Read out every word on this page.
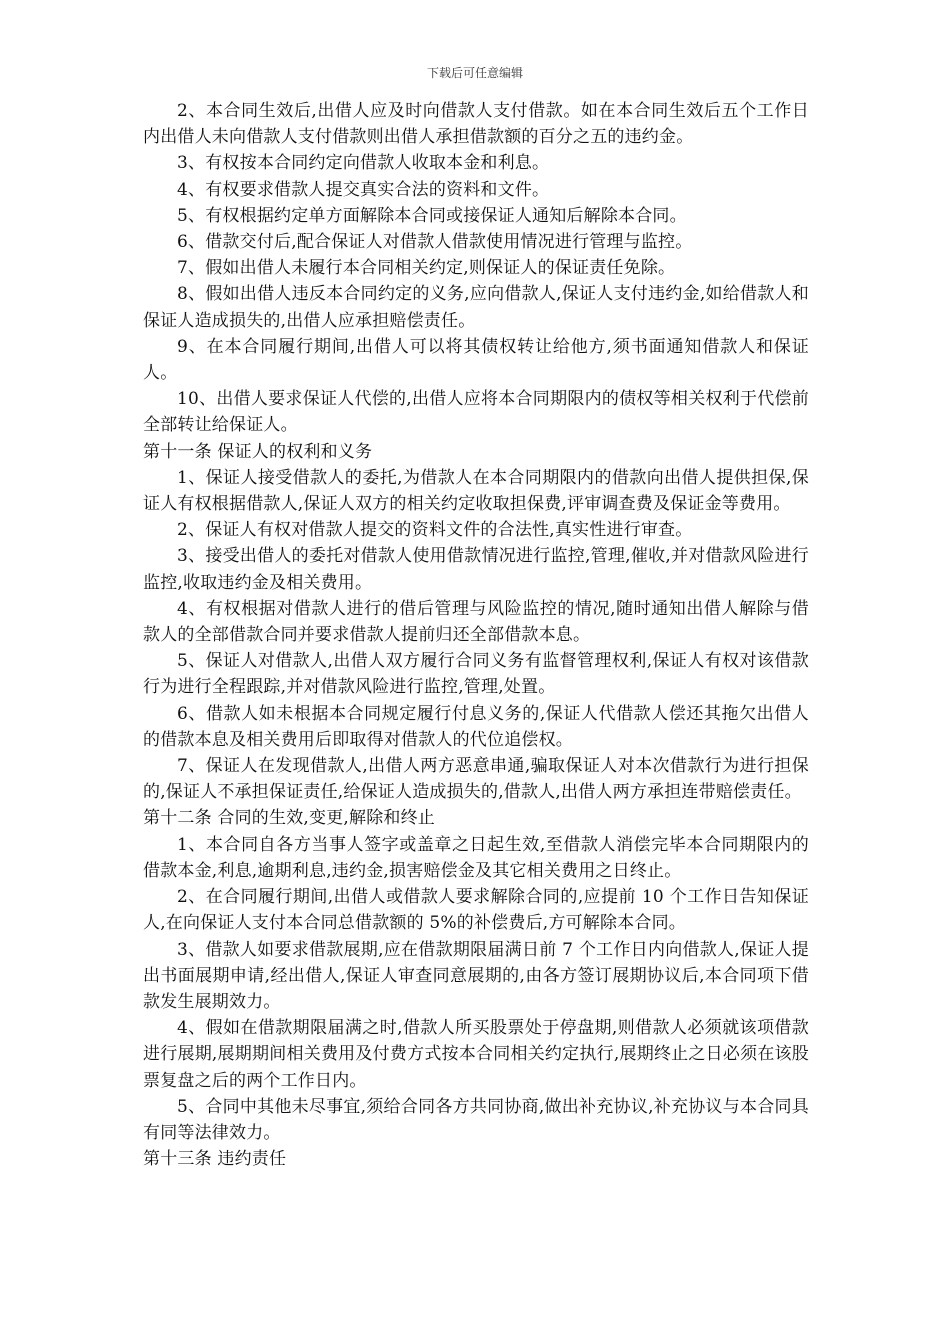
下载后可任意编辑

2、本合同生效后,出借人应及时向借款人支付借款。如在本合同生效后五个工作日内出借人未向借款人支付借款则出借人承担借款额的百分之五的违约金。

3、有权按本合同约定向借款人收取本金和利息。

4、有权要求借款人提交真实合法的资料和文件。

5、有权根据约定单方面解除本合同或接保证人通知后解除本合同。

6、借款交付后,配合保证人对借款人借款使用情况进行管理与监控。

7、假如出借人未履行本合同相关约定,则保证人的保证责任免除。

8、假如出借人违反本合同约定的义务,应向借款人,保证人支付违约金,如给借款人和保证人造成损失的,出借人应承担赔偿责任。

9、在本合同履行期间,出借人可以将其债权转让给他方,须书面通知借款人和保证人。

10、出借人要求保证人代偿的,出借人应将本合同期限内的债权等相关权利于代偿前全部转让给保证人。

第十一条 保证人的权利和义务

1、保证人接受借款人的委托,为借款人在本合同期限内的借款向出借人提供担保,保证人有权根据借款人,保证人双方的相关约定收取担保费,评审调查费及保证金等费用。

2、保证人有权对借款人提交的资料文件的合法性,真实性进行审查。

3、接受出借人的委托对借款人使用借款情况进行监控,管理,催收,并对借款风险进行监控,收取违约金及相关费用。

4、有权根据对借款人进行的借后管理与风险监控的情况,随时通知出借人解除与借款人的全部借款合同并要求借款人提前归还全部借款本息。

5、保证人对借款人,出借人双方履行合同义务有监督管理权利,保证人有权对该借款行为进行全程跟踪,并对借款风险进行监控,管理,处置。

6、借款人如未根据本合同规定履行付息义务的,保证人代借款人偿还其拖欠出借人的借款本息及相关费用后即取得对借款人的代位追偿权。

7、保证人在发现借款人,出借人两方恶意串通,骗取保证人对本次借款行为进行担保的,保证人不承担保证责任,给保证人造成损失的,借款人,出借人两方承担连带赔偿责任。

第十二条 合同的生效,变更,解除和终止

1、本合同自各方当事人签字或盖章之日起生效,至借款人消偿完毕本合同期限内的借款本金,利息,逾期利息,违约金,损害赔偿金及其它相关费用之日终止。

2、在合同履行期间,出借人或借款人要求解除合同的,应提前 10 个工作日告知保证人,在向保证人支付本合同总借款额的 5%的补偿费后,方可解除本合同。

3、借款人如要求借款展期,应在借款期限届满日前 7 个工作日内向借款人,保证人提出书面展期申请,经出借人,保证人审查同意展期的,由各方签订展期协议后,本合同项下借款发生展期效力。

4、假如在借款期限届满之时,借款人所买股票处于停盘期,则借款人必须就该项借款进行展期,展期期间相关费用及付费方式按本合同相关约定执行,展期终止之日必须在该股票复盘之后的两个工作日内。

5、合同中其他未尽事宜,须给合同各方共同协商,做出补充协议,补充协议与本合同具有同等法律效力。

第十三条 违约责任
